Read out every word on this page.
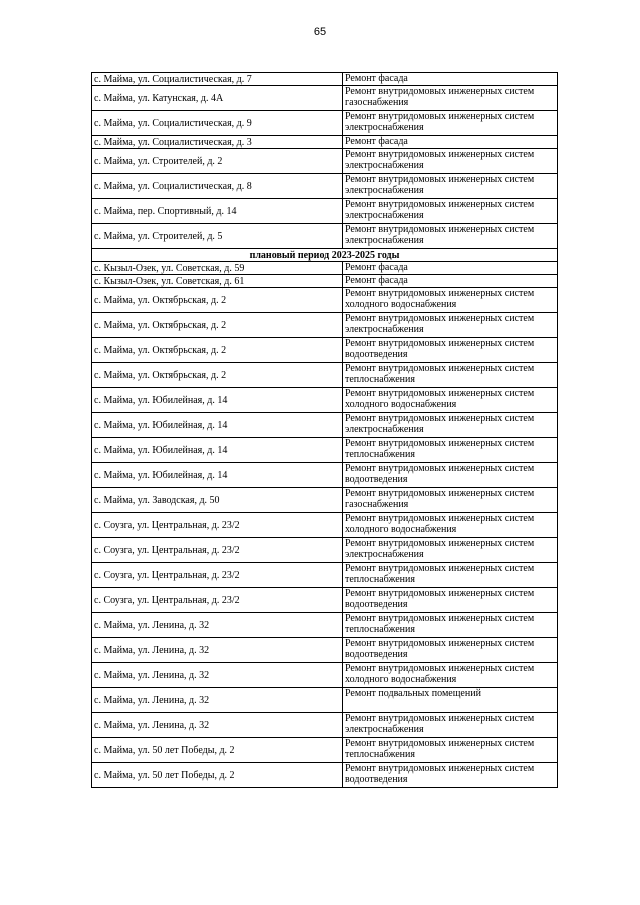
65
с. Майма, ул. Социалистическая, д. 7	Ремонт фасада
с. Майма, ул. Катунская, д. 4А	Ремонт внутридомовых инженерных систем газоснабжения
с. Майма, ул. Социалистическая, д. 9	Ремонт внутридомовых инженерных систем электроснабжения
с. Майма, ул. Социалистическая, д. 3	Ремонт фасада
с. Майма, ул. Строителей, д. 2	Ремонт внутридомовых инженерных систем электроснабжения
с. Майма, ул. Социалистическая, д. 8	Ремонт внутридомовых инженерных систем электроснабжения
с. Майма, пер. Спортивный, д. 14	Ремонт внутридомовых инженерных систем электроснабжения
с. Майма, ул. Строителей, д. 5	Ремонт внутридомовых инженерных систем электроснабжения
плановый период 2023-2025 годы	
с. Кызыл-Озек, ул. Советская, д. 59	Ремонт фасада
с. Кызыл-Озек, ул. Советская, д. 61	Ремонт фасада
с. Майма, ул. Октябрьская, д. 2	Ремонт внутридомовых инженерных систем холодного водоснабжения
с. Майма, ул. Октябрьская, д. 2	Ремонт внутридомовых инженерных систем электроснабжения
с. Майма, ул. Октябрьская, д. 2	Ремонт внутридомовых инженерных систем водоотведения
с. Майма, ул. Октябрьская, д. 2	Ремонт внутридомовых инженерных систем теплоснабжения
с. Майма, ул. Юбилейная, д. 14	Ремонт внутридомовых инженерных систем холодного водоснабжения
с. Майма, ул. Юбилейная, д. 14	Ремонт внутридомовых инженерных систем электроснабжения
с. Майма, ул. Юбилейная, д. 14	Ремонт внутридомовых инженерных систем теплоснабжения
с. Майма, ул. Юбилейная, д. 14	Ремонт внутридомовых инженерных систем водоотведения
с. Майма, ул. Заводская, д. 50	Ремонт внутридомовых инженерных систем газоснабжения
с. Соузга, ул. Центральная, д. 23/2	Ремонт внутридомовых инженерных систем холодного водоснабжения
с. Соузга, ул. Центральная, д. 23/2	Ремонт внутридомовых инженерных систем электроснабжения
с. Соузга, ул. Центральная, д. 23/2	Ремонт внутридомовых инженерных систем теплоснабжения
с. Соузга, ул. Центральная, д. 23/2	Ремонт внутридомовых инженерных систем водоотведения
с. Майма, ул. Ленина, д. 32	Ремонт внутридомовых инженерных систем теплоснабжения
с. Майма, ул. Ленина, д. 32	Ремонт внутридомовых инженерных систем водоотведения
с. Майма, ул. Ленина, д. 32	Ремонт внутридомовых инженерных систем холодного водоснабжения
с. Майма, ул. Ленина, д. 32	Ремонт подвальных помещений
с. Майма, ул. Ленина, д. 32	Ремонт внутридомовых инженерных систем электроснабжения
с. Майма, ул. 50 лет Победы, д. 2	Ремонт внутридомовых инженерных систем теплоснабжения
с. Майма, ул. 50 лет Победы, д. 2	Ремонт внутридомовых инженерных систем водоотведения
